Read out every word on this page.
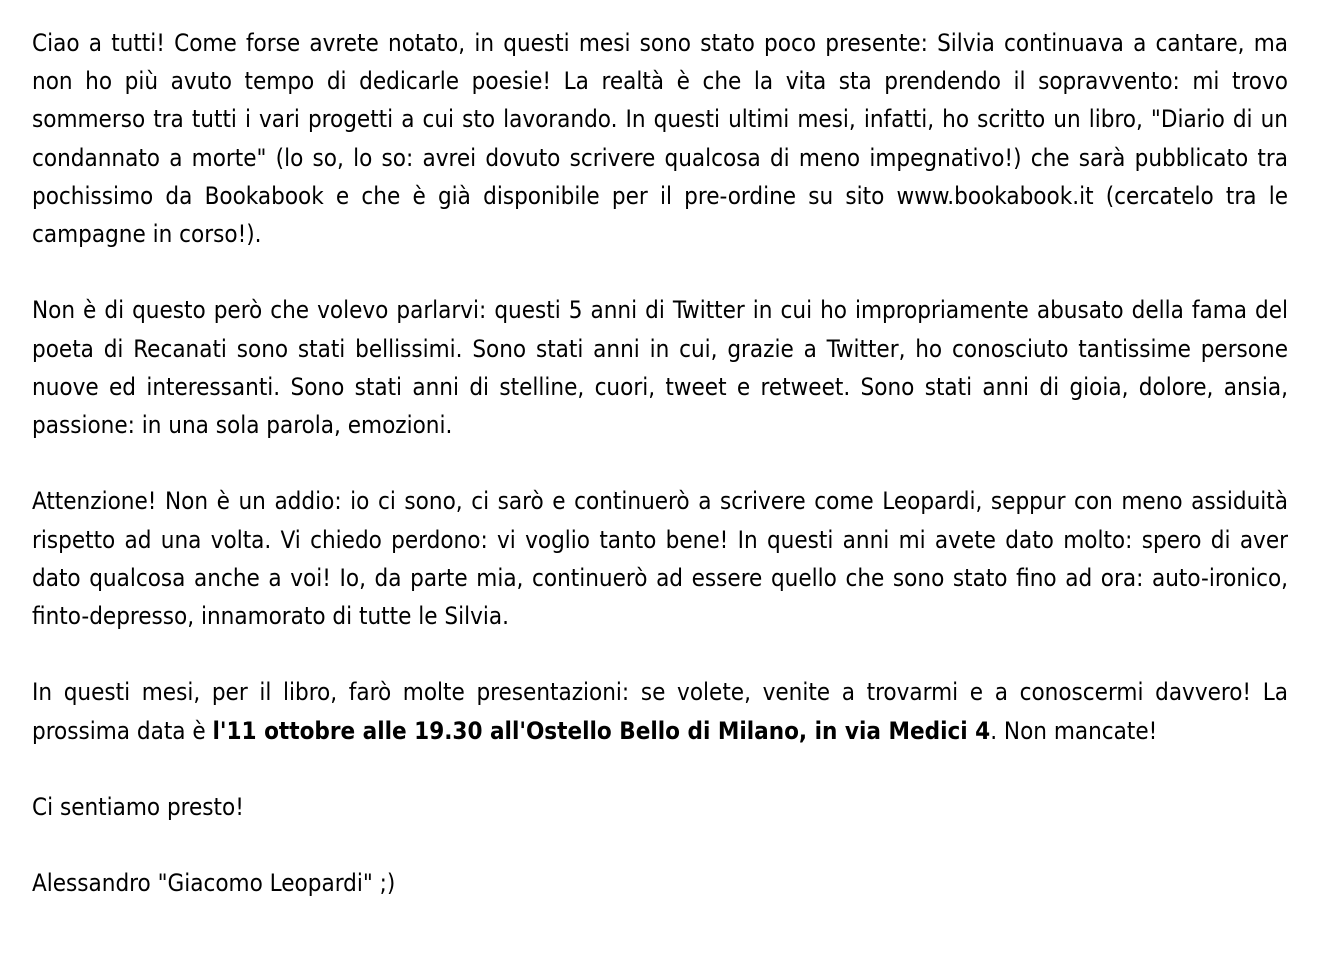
Ciao a tutti! Come forse avrete notato, in questi mesi sono stato poco presente: Silvia continuava a cantare, ma non ho più avuto tempo di dedicarle poesie! La realtà è che la vita sta prendendo il sopravvento: mi trovo sommerso tra tutti i vari progetti a cui sto lavorando. In questi ultimi mesi, infatti, ho scritto un libro, "Diario di un condannato a morte" (lo so, lo so: avrei dovuto scrivere qualcosa di meno impegnativo!) che sarà pubblicato tra pochissimo da Bookabook e che è già disponibile per il pre-ordine su sito www.bookabook.it (cercatelo tra le campagne in corso!).

Non è di questo però che volevo parlarvi: questi 5 anni di Twitter in cui ho impropriamente abusato della fama del poeta di Recanati sono stati bellissimi. Sono stati anni in cui, grazie a Twitter, ho conosciuto tantissime persone nuove ed interessanti. Sono stati anni di stelline, cuori, tweet e retweet. Sono stati anni di gioia, dolore, ansia, passione: in una sola parola, emozioni.

Attenzione! Non è un addio: io ci sono, ci sarò e continuerò a scrivere come Leopardi, seppur con meno assiduità rispetto ad una volta. Vi chiedo perdono: vi voglio tanto bene! In questi anni mi avete dato molto: spero di aver dato qualcosa anche a voi! Io, da parte mia, continuerò ad essere quello che sono stato fino ad ora: auto-ironico, finto-depresso, innamorato di tutte le Silvia.

In questi mesi, per il libro, farò molte presentazioni: se volete, venite a trovarmi e a conoscermi davvero! La prossima data è l'11 ottobre alle 19.30 all'Ostello Bello di Milano, in via Medici 4. Non mancate!

Ci sentiamo presto!

Alessandro "Giacomo Leopardi" ;)
